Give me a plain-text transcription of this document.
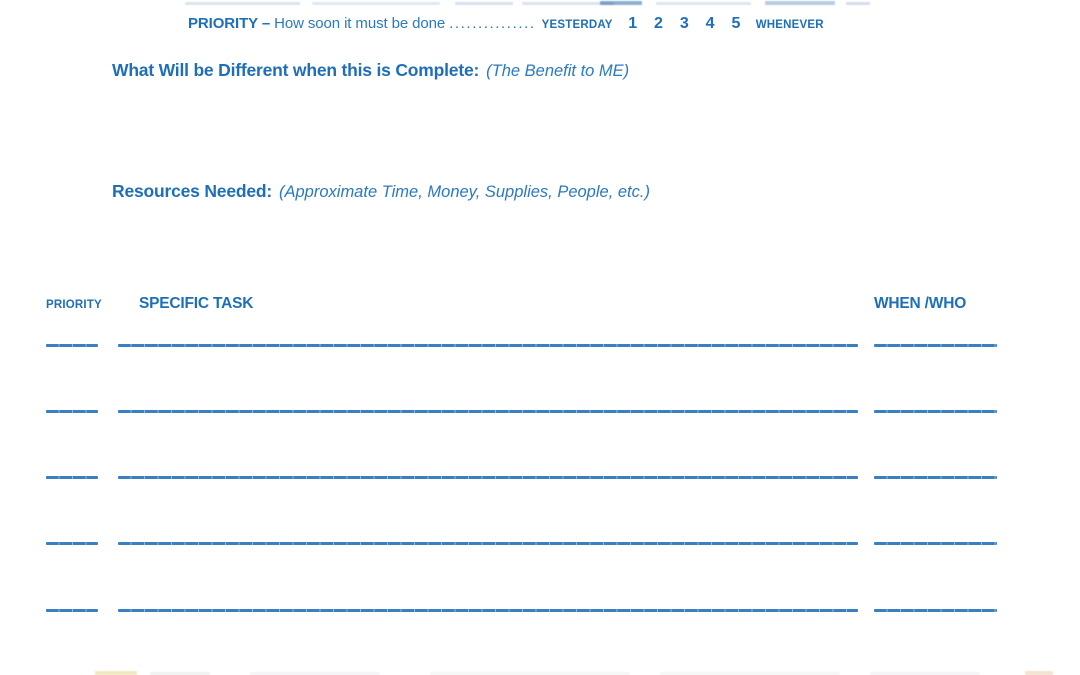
PRIORITY – How soon it must be done ............... YESTERDAY 1 2 3 4 5 WHENEVER
What Will be Different when this is Complete: (The Benefit to ME)
Resources Needed: (Approximate Time, Money, Supplies, People, etc.)
PRIORITY SPECIFIC TASK	WHEN /WHO
